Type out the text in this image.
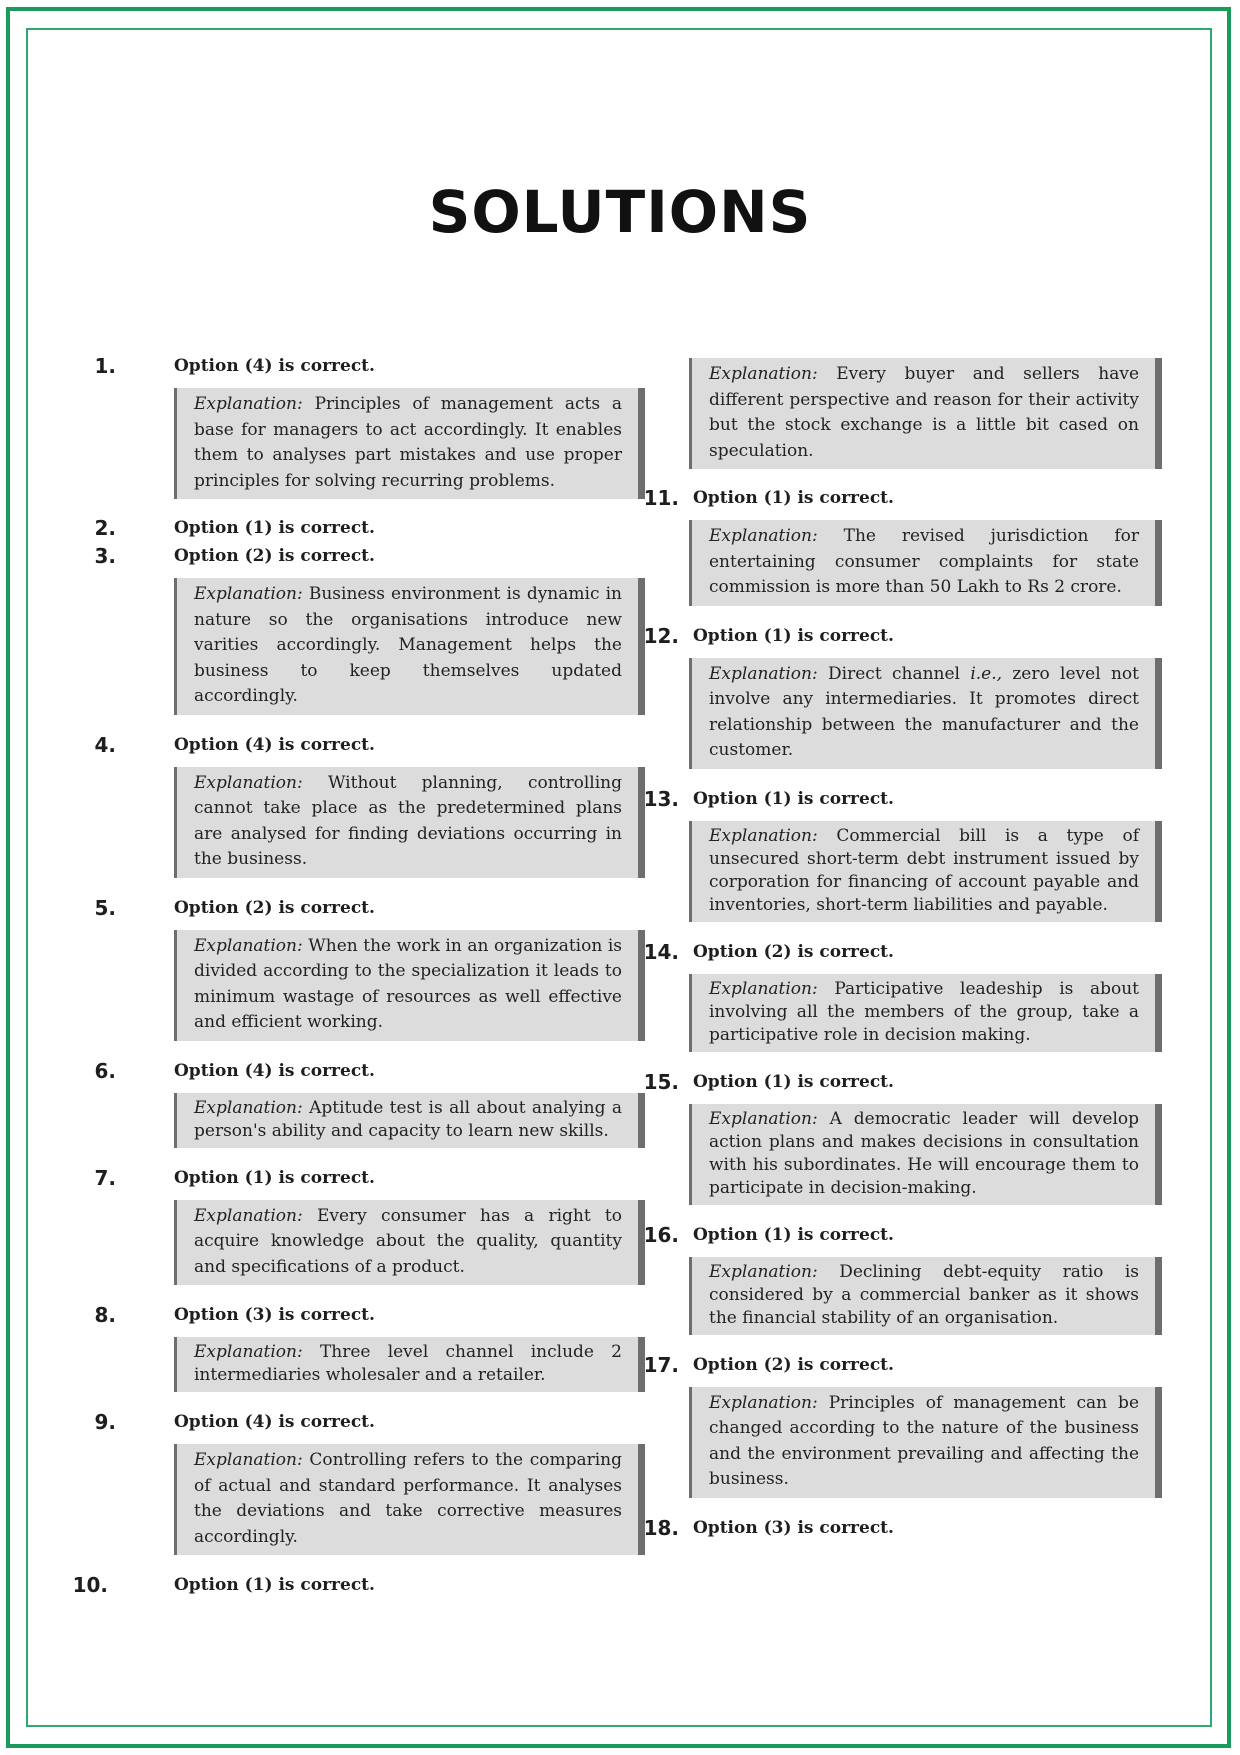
SOLUTIONS
1.	Option (4) is correct.
Explanation: Principles of management acts a base for managers to act accordingly. It enables them to analyses part mistakes and use proper principles for solving recurring problems.
2.	Option (1) is correct.
3.	Option (2) is correct.
Explanation: Business environment is dynamic in nature so the organisations introduce new varities accordingly. Management helps the business to keep themselves updated accordingly.
4.	Option (4) is correct.
Explanation: Without planning, controlling cannot take place as the predetermined plans are analysed for finding deviations occurring in the business.
5.	Option (2) is correct.
Explanation: When the work in an organization is divided according to the specialization it leads to minimum wastage of resources as well effective and efficient working.
6.	Option (4) is correct.
Explanation: Aptitude test is all about analying a person's ability and capacity to learn new skills.
7.	Option (1) is correct.
Explanation: Every consumer has a right to acquire knowledge about the quality, quantity and specifications of a product.
8.	Option (3) is correct.
Explanation: Three level channel include 2 intermediaries wholesaler and a retailer.
9.	Option (4) is correct.
Explanation: Controlling refers to the comparing of actual and standard performance. It analyses the deviations and take corrective measures accordingly.
10.	Option (1) is correct.
Explanation: Every buyer and sellers have different perspective and reason for their activity but the stock exchange is a little bit cased on speculation.
11. Option (1) is correct.
Explanation: The revised jurisdiction for entertaining consumer complaints for state commission is more than 50 Lakh to Rs 2 crore.
12. Option (1) is correct.
Explanation: Direct channel i.e., zero level not involve any intermediaries. It promotes direct relationship between the manufacturer and the customer.
13. Option (1) is correct.
Explanation: Commercial bill is a type of unsecured short-term debt instrument issued by corporation for financing of account payable and inventories, short-term liabilities and payable.
14. Option (2) is correct.
Explanation: Participative leadeship is about involving all the members of the group, take a participative role in decision making.
15. Option (1) is correct.
Explanation: A democratic leader will develop action plans and makes decisions in consultation with his subordinates. He will encourage them to participate in decision-making.
16. Option (1) is correct.
Explanation: Declining debt-equity ratio is considered by a commercial banker as it shows the financial stability of an organisation.
17. Option (2) is correct.
Explanation: Principles of management can be changed according to the nature of the business and the environment prevailing and affecting the business.
18. Option (3) is correct.
